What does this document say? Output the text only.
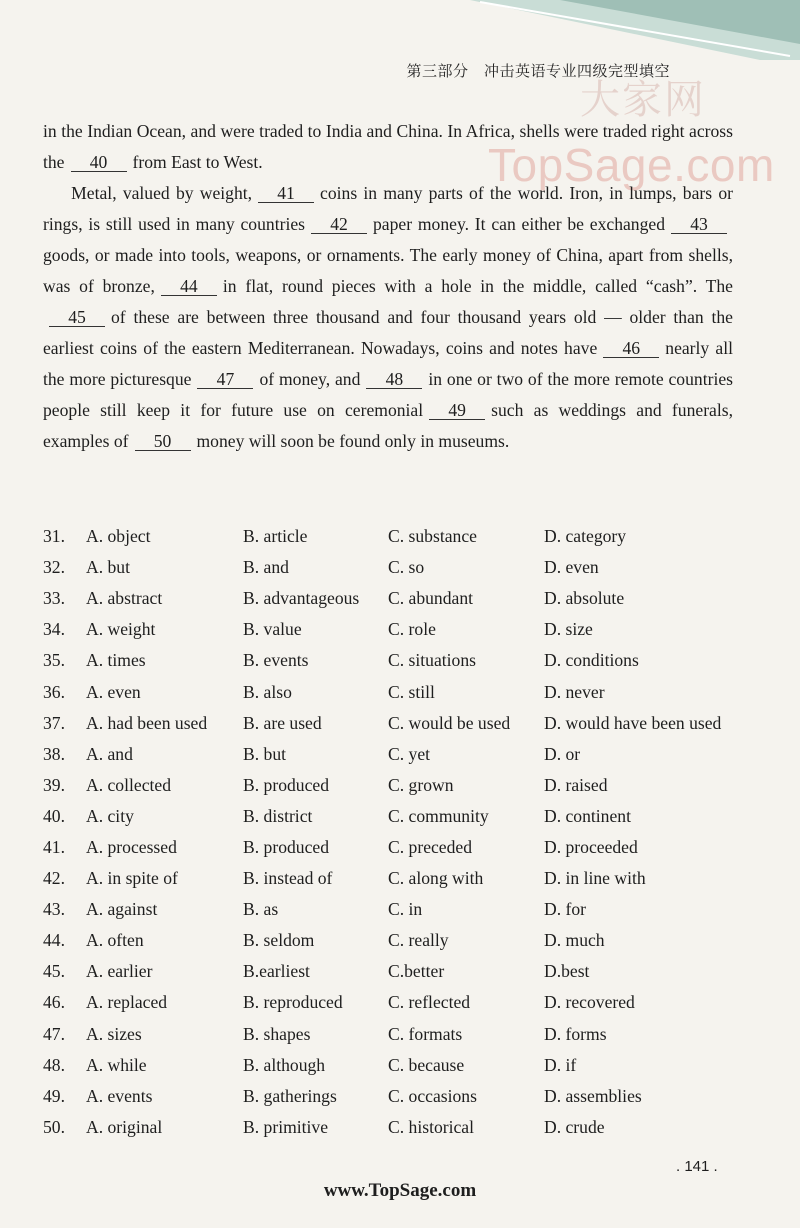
大家网
第三部分　冲击英语专业四级完型填空
TopSage.com

in the Indian Ocean, and were traded to India and China. In Africa, shells were traded right across the 40 from East to West.

Metal, valued by weight, 41 coins in many parts of the world. Iron, in lumps, bars or rings, is still used in many countries 42 paper money. It can either be exchanged 43goods, or made into tools, weapons, or ornaments. The early money of China, apart from shells, was of bronze, 44 in flat, round pieces with a hole in the middle, called “cash”. The45 of these are between three thousand and four thousand years old — older than the earliest coins of the eastern Mediterranean. Nowadays, coins and notes have 46 nearly all the more picturesque 47 of money, and 48 in one or two of the more remote countries people still keep it for future use on ceremonial 49 such as weddings and funerals, examples of 50 money will soon be found only in museums.

31.	A. object	B. article	C. substance	D. category
32.	A. but	B. and	C. so	D. even
33.	A. abstract	B. advantageous	C. abundant	D. absolute
34.	A. weight	B. value	C. role	D. size
35.	A. times	B. events	C. situations	D. conditions
36.	A. even	B. also	C. still	D. never
37.	A. had been used	B. are used	C. would be used	D. would have been used
38.	A. and	B. but	C. yet	D. or
39.	A. collected	B. produced	C. grown	D. raised
40.	A. city	B. district	C. community	D. continent
41.	A. processed	B. produced	C. preceded	D. proceeded
42.	A. in spite of	B. instead of	C. along with	D. in line with
43.	A. against	B. as	C. in	D. for
44.	A. often	B. seldom	C. really	D. much
45.	A. earlier	B.earliest	C.better	D.best
46.	A. replaced	B. reproduced	C. reflected	D. recovered
47.	A. sizes	B. shapes	C. formats	D. forms
48.	A. while	B. although	C. because	D. if
49.	A. events	B. gatherings	C. occasions	D. assemblies
50.	A. original	B. primitive	C. historical	D. crude
. 141 .
www.TopSage.com
